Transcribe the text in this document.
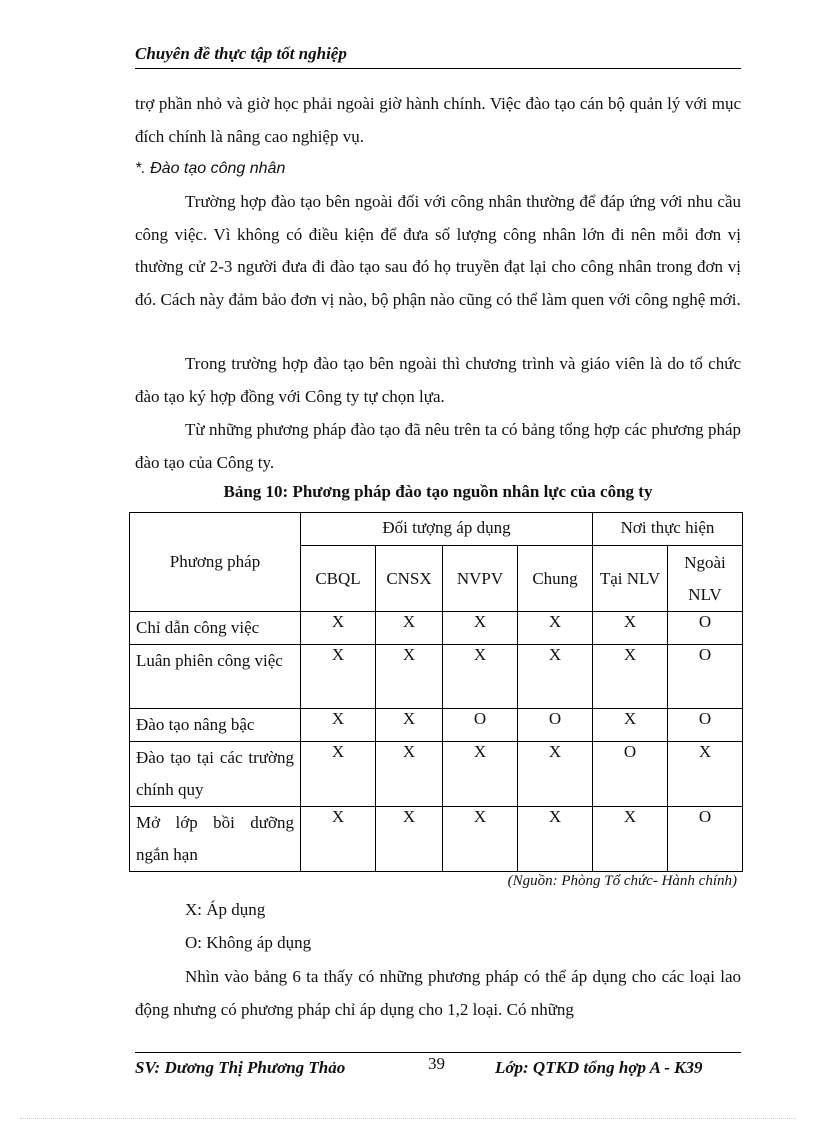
Chuyên đề thực tập tốt nghiệp
trợ phần nhỏ và giờ học phải ngoài giờ hành chính. Việc đào tạo cán bộ quản lý với mục đích chính là nâng cao nghiệp vụ.
*. Đào tạo công nhân
Trường hợp đào tạo bên ngoài đối với công nhân thường để đáp ứng với nhu cầu công việc. Vì không có điều kiện để đưa số lượng công nhân lớn đi nên mỗi đơn vị thường cử 2-3 người đưa đi đào tạo sau đó họ truyền đạt lại cho công nhân trong đơn vị đó. Cách này đảm bảo đơn vị nào, bộ phận nào cũng có thể làm quen với công nghệ mới.
Trong trường hợp đào tạo bên ngoài thì chương trình và giáo viên là do tổ chức đào tạo ký hợp đồng với Công ty tự chọn lựa.
Từ những phương pháp đào tạo đã nêu trên ta có bảng tổng hợp các phương pháp đào tạo của Công ty.
Bảng 10: Phương pháp đào tạo nguồn nhân lực của công ty
Phương pháp	Đối tượng áp dụng				Nơi thực hiện	
	CBQL	CNSX	NVPV	Chung	Tại NLV	Ngoài NLV
Chỉ dẫn công việc	X	X	X	X	X	O
Luân phiên công việc	X	X	X	X	X	O
Đào tạo nâng bậc	X	X	O	O	X	O
Đào tạo tại các trường chính quy	X	X	X	X	O	X
Mở lớp bồi dưỡng ngắn hạn	X	X	X	X	X	O
(Nguồn: Phòng Tổ chức- Hành chính)
X: Áp dụng
O: Không áp dụng
Nhìn vào bảng 6 ta thấy có những phương pháp có thể áp dụng cho các loại lao động nhưng có phương pháp chỉ áp dụng cho 1,2 loại. Có những
SV: Dương Thị Phương Thảo	39	Lớp: QTKD tổng hợp A - K39
